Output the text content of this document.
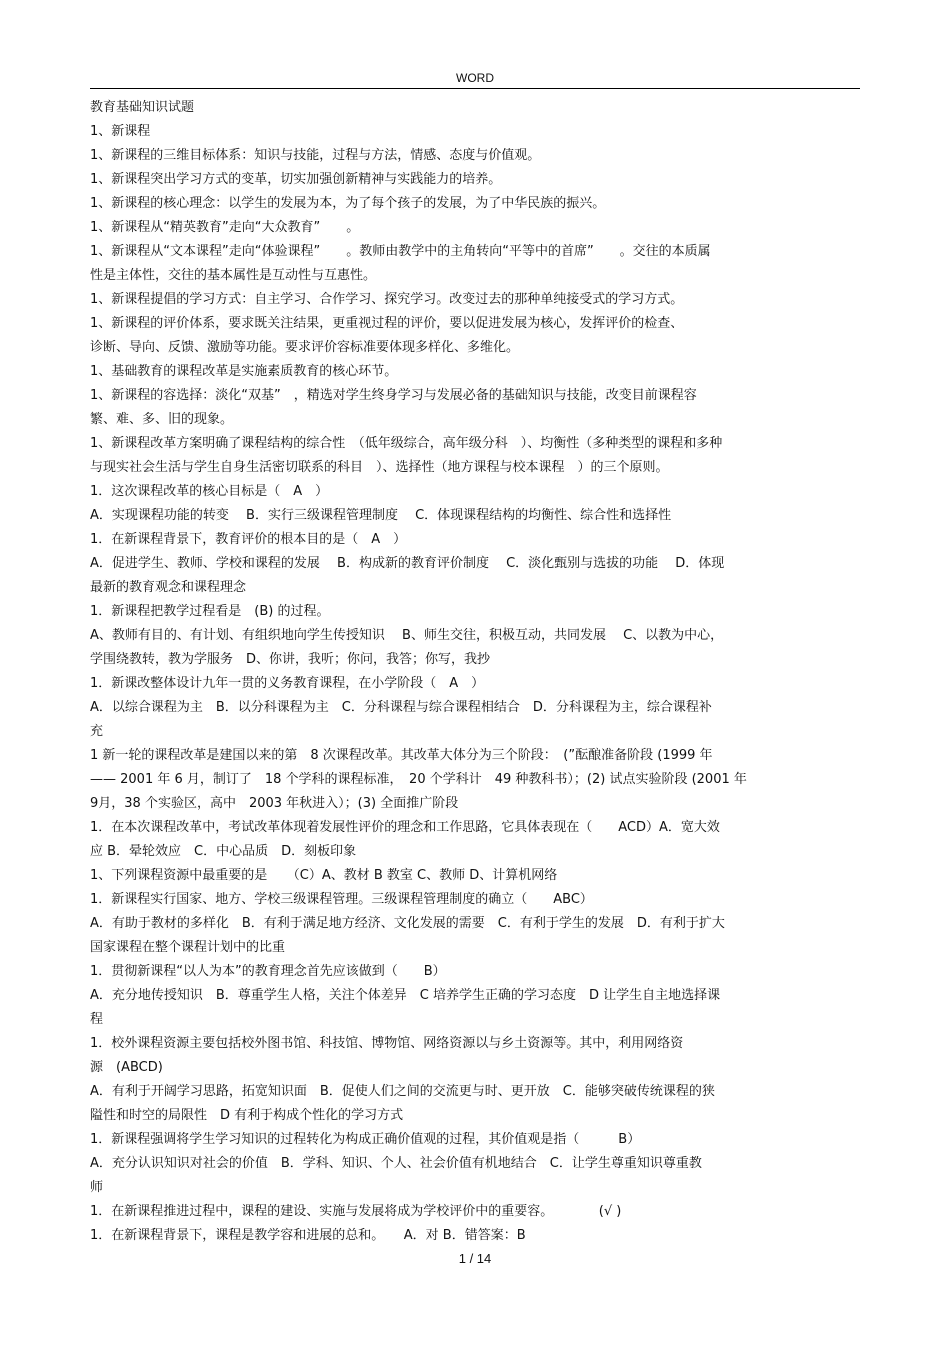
WORD
教育基础知识试题
1、新课程
1、新课程的三维目标体系：知识与技能，过程与方法，情感、态度与价值观。
1、新课程突出学习方式的变革，切实加强创新精神与实践能力的培养。
1、新课程的核心理念：以学生的发展为本，为了每个孩子的发展，为了中华民族的振兴。
1、新课程从“精英教育”走向“大众教育”　　。
1、新课程从“文本课程”走向“体验课程”　　。教师由教学中的主角转向“平等中的首席”　　。交往的本质属
性是主体性，交往的基本属性是互动性与互惠性。
1、新课程提倡的学习方式：自主学习、合作学习、探究学习。改变过去的那种单纯接受式的学习方式。
1、新课程的评价体系，要求既关注结果，更重视过程的评价，要以促进发展为核心，发挥评价的检查、
诊断、导向、反馈、激励等功能。要求评价容标准要体现多样化、多维化。
1、基础教育的课程改革是实施素质教育的核心环节。
1、新课程的容选择：淡化“双基”　，精选对学生终身学习与发展必备的基础知识与技能，改变目前课程容
繁、难、多、旧的现象。
1、新课程改革方案明确了课程结构的综合性　（低年级综合，高年级分科　）、均衡性（多种类型的课程和多种
与现实社会生活与学生自身生活密切联系的科目　）、选择性（地方课程与校本课程　）的三个原则。
1．这次课程改革的核心目标是（　A　）
A．实现课程功能的转变　 B．实行三级课程管理制度　 C．体现课程结构的均衡性、综合性和选择性
1．在新课程背景下，教育评价的根本目的是（　A　）
A．促进学生、教师、学校和课程的发展　 B．构成新的教育评价制度　 C．淡化甄别与选拔的功能　 D．体现
最新的教育观念和课程理念
1．新课程把教学过程看是　(B) 的过程。
A、教师有目的、有计划、有组织地向学生传授知识　 B、师生交往，积极互动，共同发展　 C、以教为中心，
学围绕教转，教为学服务　D、你讲，我听；你问，我答；你写，我抄
1．新课改整体设计九年一贯的义务教育课程，在小学阶段（　A　）
A．以综合课程为主　B．以分科课程为主　C．分科课程与综合课程相结合　D．分科课程为主，综合课程补
充
1 新一轮的课程改革是建国以来的第　8 次课程改革。其改革大体分为三个阶段：　(”酝酿准备阶段 (1999 年
—— 2001 年 6 月，制订了　18 个学科的课程标准，　20 个学科计　49 种教科书）；(2) 试点实验阶段 (2001 年
9月，38 个实验区，高中　2003 年秋进入）；(3) 全面推广阶段
1．在本次课程改革中，考试改革体现着发展性评价的理念和工作思路，它具体表现在（　　ACD）A．宽大效
应 B．晕轮效应　C．中心品质　D．刻板印象
1、下列课程资源中最重要的是　　（C）A、教材 B 教室 C、教师 D、计算机网络
1．新课程实行国家、地方、学校三级课程管理。三级课程管理制度的确立（　　ABC）
A．有助于教材的多样化　B．有利于满足地方经济、文化发展的需要　C．有利于学生的发展　D．有利于扩大
国家课程在整个课程计划中的比重
1．贯彻新课程“以人为本”的教育理念首先应该做到（　　B）
A．充分地传授知识　B．尊重学生人格，关注个体差异　C 培养学生正确的学习态度　D 让学生自主地选择课
程
1．校外课程资源主要包括校外图书馆、科技馆、博物馆、网络资源以与乡土资源等。其中，利用网络资
源　(ABCD)
A．有利于开阔学习思路，拓宽知识面　B．促使人们之间的交流更与时、更开放　C．能够突破传统课程的狭
隘性和时空的局限性　D 有利于构成个性化的学习方式
1．新课程强调将学生学习知识的过程转化为构成正确价值观的过程，其价值观是指（　　　B）
A．充分认识知识对社会的价值　B．学科、知识、个人、社会价值有机地结合　C．让学生尊重知识尊重教
师
1．在新课程推进过程中，课程的建设、实施与发展将成为学校评价中的重要容。　　　　(√ )
1．在新课程背景下，课程是教学容和进展的总和。　　A．对 B．错答案：B
1 / 14
